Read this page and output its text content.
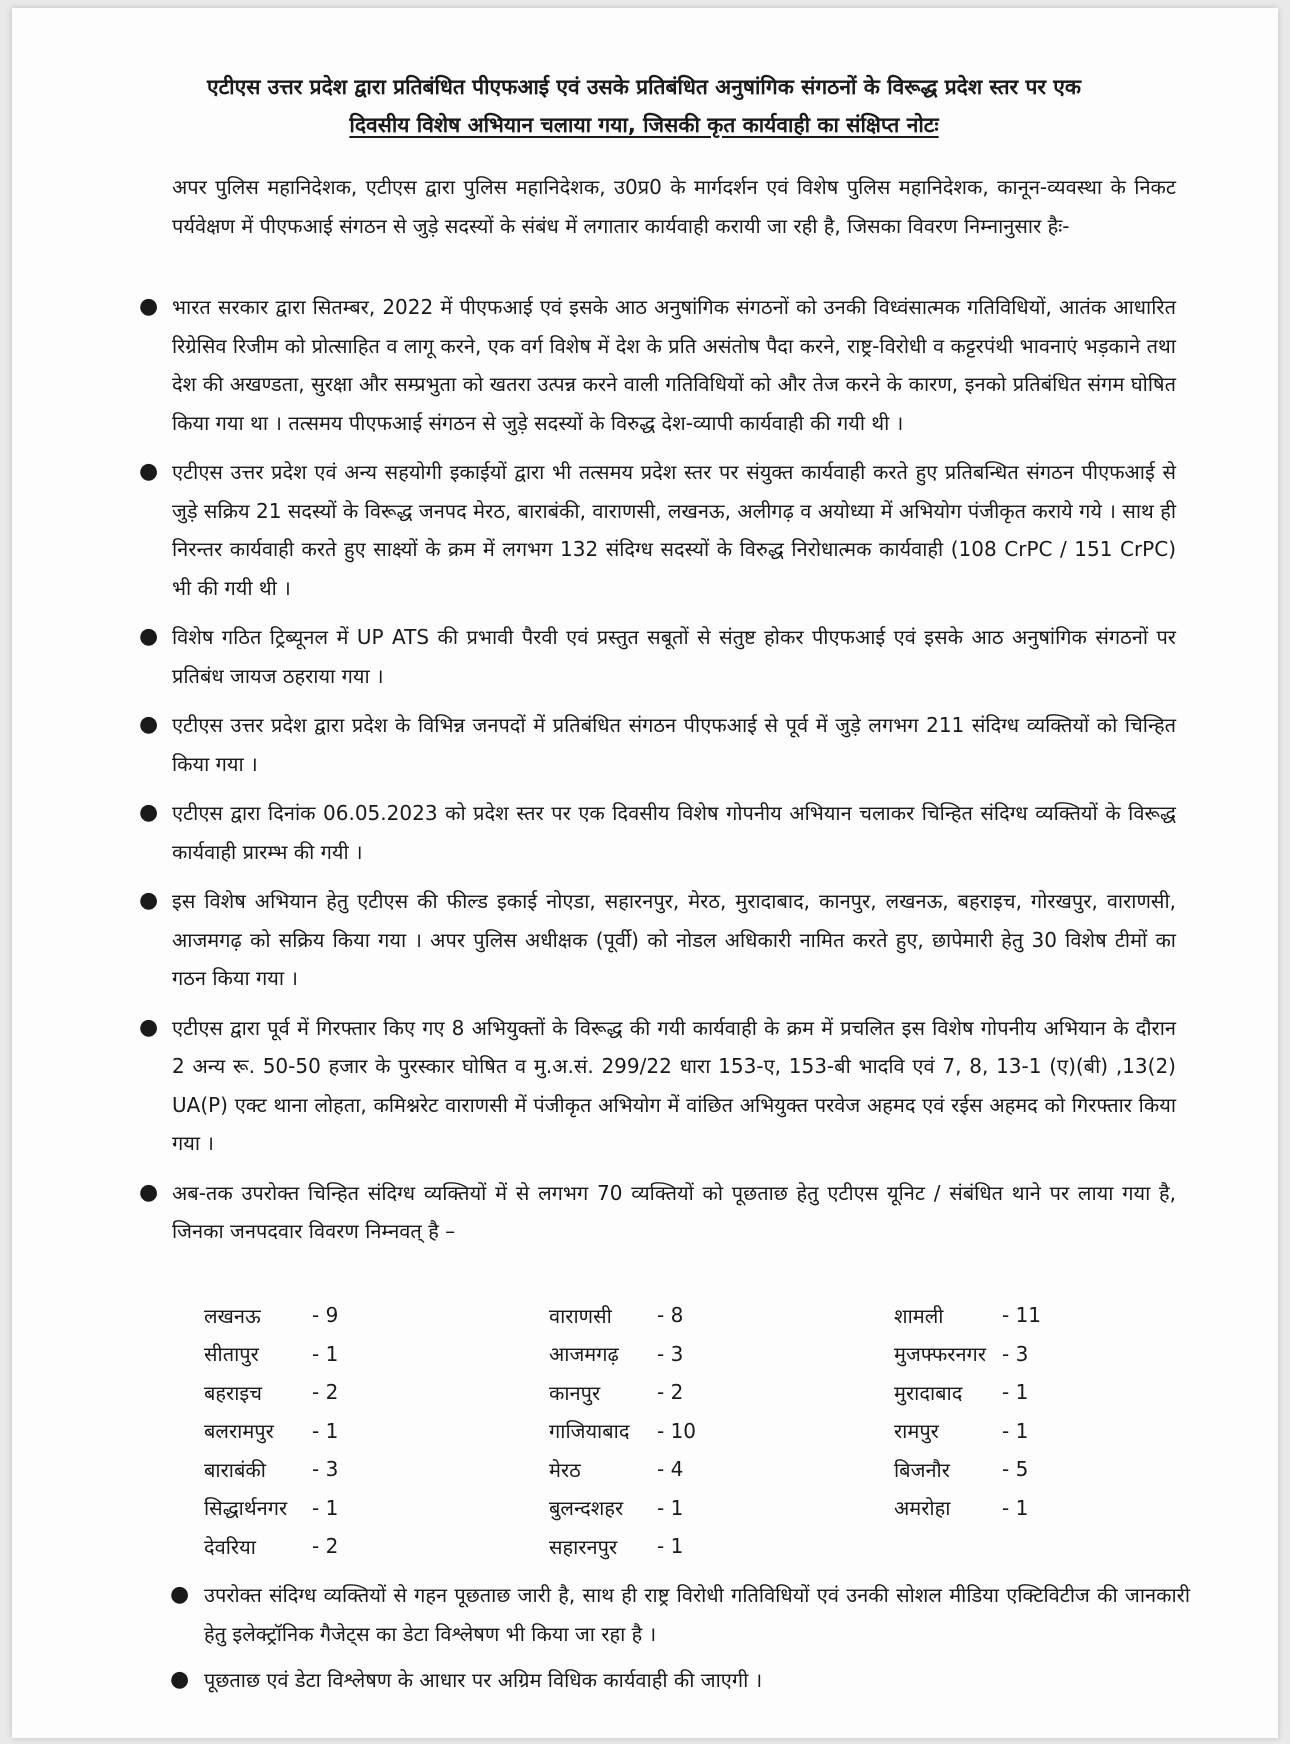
एटीएस उत्तर प्रदेश द्वारा प्रतिबंधित पीएफआई एवं उसके प्रतिबंधित अनुषांगिक संगठनों के विरूद्ध प्रदेश स्तर पर एक
दिवसीय विशेष अभियान चलाया गया, जिसकी कृत कार्यवाही का संक्षिप्त नोटः
अपर पुलिस महानिदेशक, एटीएस द्वारा पुलिस महानिदेशक, उ0प्र0 के मार्गदर्शन एवं विशेष पुलिस महानिदेशक, कानून-व्यवस्था के निकट पर्यवेक्षण में पीएफआई संगठन से जुड़े सदस्यों के संबंध में लगातार कार्यवाही करायी जा रही है, जिसका विवरण निम्नानुसार हैः-
● भारत सरकार द्वारा सितम्बर, 2022 में पीएफआई एवं इसके आठ अनुषांगिक संगठनों को उनकी विध्वंसात्मक गतिविधियों, आतंक आधारित रिग्रेसिव रिजीम को प्रोत्साहित व लागू करने, एक वर्ग विशेष में देश के प्रति असंतोष पैदा करने, राष्ट्र-विरोधी व कट्टरपंथी भावनाएं भड़काने तथा देश की अखण्डता, सुरक्षा और सम्प्रभुता को खतरा उत्पन्न करने वाली गतिविधियों को और तेज करने के कारण, इनको प्रतिबंधित संगम घोषित किया गया था । तत्समय पीएफआई संगठन से जुड़े सदस्यों के विरुद्ध देश-व्यापी कार्यवाही की गयी थी ।
● एटीएस उत्तर प्रदेश एवं अन्य सहयोगी इकाईयों द्वारा भी तत्समय प्रदेश स्तर पर संयुक्त कार्यवाही करते हुए प्रतिबन्धित संगठन पीएफआई से जुड़े सक्रिय 21 सदस्यों के विरूद्ध जनपद मेरठ, बाराबंकी, वाराणसी, लखनऊ, अलीगढ़ व अयोध्या में अभियोग पंजीकृत कराये गये । साथ ही निरन्तर कार्यवाही करते हुए साक्ष्यों के क्रम में लगभग 132 संदिग्ध सदस्यों के विरुद्ध निरोधात्मक कार्यवाही (108 CrPC / 151 CrPC) भी की गयी थी ।
● विशेष गठित ट्रिब्यूनल में UP ATS की प्रभावी पैरवी एवं प्रस्तुत सबूतों से संतुष्ट होकर पीएफआई एवं इसके आठ अनुषांगिक संगठनों पर प्रतिबंध जायज ठहराया गया ।
● एटीएस उत्तर प्रदेश द्वारा प्रदेश के विभिन्न जनपदों में प्रतिबंधित संगठन पीएफआई से पूर्व में जुड़े लगभग 211 संदिग्ध व्यक्तियों को चिन्हित किया गया ।
● एटीएस द्वारा दिनांक 06.05.2023 को प्रदेश स्तर पर एक दिवसीय विशेष गोपनीय अभियान चलाकर चिन्हित संदिग्ध व्यक्तियों के विरूद्ध कार्यवाही प्रारम्भ की गयी ।
● इस विशेष अभियान हेतु एटीएस की फील्ड इकाई नोएडा, सहारनपुर, मेरठ, मुरादाबाद, कानपुर, लखनऊ, बहराइच, गोरखपुर, वाराणसी, आजमगढ़ को सक्रिय किया गया । अपर पुलिस अधीक्षक (पूर्वी) को नोडल अधिकारी नामित करते हुए, छापेमारी हेतु 30 विशेष टीमों का गठन किया गया ।
● एटीएस द्वारा पूर्व में गिरफ्तार किए गए 8 अभियुक्तों के विरूद्ध की गयी कार्यवाही के क्रम में प्रचलित इस विशेष गोपनीय अभियान के दौरान 2 अन्य रू. 50-50 हजार के पुरस्कार घोषित व मु.अ.सं. 299/22 धारा 153-ए, 153-बी भादवि एवं 7, 8, 13-1 (ए)(बी) ,13(2) UA(P) एक्ट थाना लोहता, कमिश्नरेट वाराणसी में पंजीकृत अभियोग में वांछित अभियुक्त परवेज अहमद एवं रईस अहमद को गिरफ्तार किया गया ।
● अब-तक उपरोक्त चिन्हित संदिग्ध व्यक्तियों में से लगभग 70 व्यक्तियों को पूछताछ हेतु एटीएस यूनिट / संबंधित थाने पर लाया गया है, जिनका जनपदवार विवरण निम्नवत् है –
लखनऊ	- 9	वाराणसी	- 8	शामली	- 11
सीतापुर	- 1	आजमगढ़	- 3	मुजफ्फरनगर	- 3
बहराइच	- 2	कानपुर	- 2	मुरादाबाद	- 1
बलरामपुर	- 1	गाजियाबाद	- 10	रामपुर	- 1
बाराबंकी	- 3	मेरठ	- 4	बिजनौर	- 5
सिद्धार्थनगर	- 1	बुलन्दशहर	- 1	अमरोहा	- 1
देवरिया	- 2	सहारनपुर	- 1		
● उपरोक्त संदिग्ध व्यक्तियों से गहन पूछताछ जारी है, साथ ही राष्ट्र विरोधी गतिविधियों एवं उनकी सोशल मीडिया एक्टिविटीज की जानकारी हेतु इलेक्ट्रॉनिक गैजेट्स का डेटा विश्लेषण भी किया जा रहा है ।
● पूछताछ एवं डेटा विश्लेषण के आधार पर अग्रिम विधिक कार्यवाही की जाएगी ।
